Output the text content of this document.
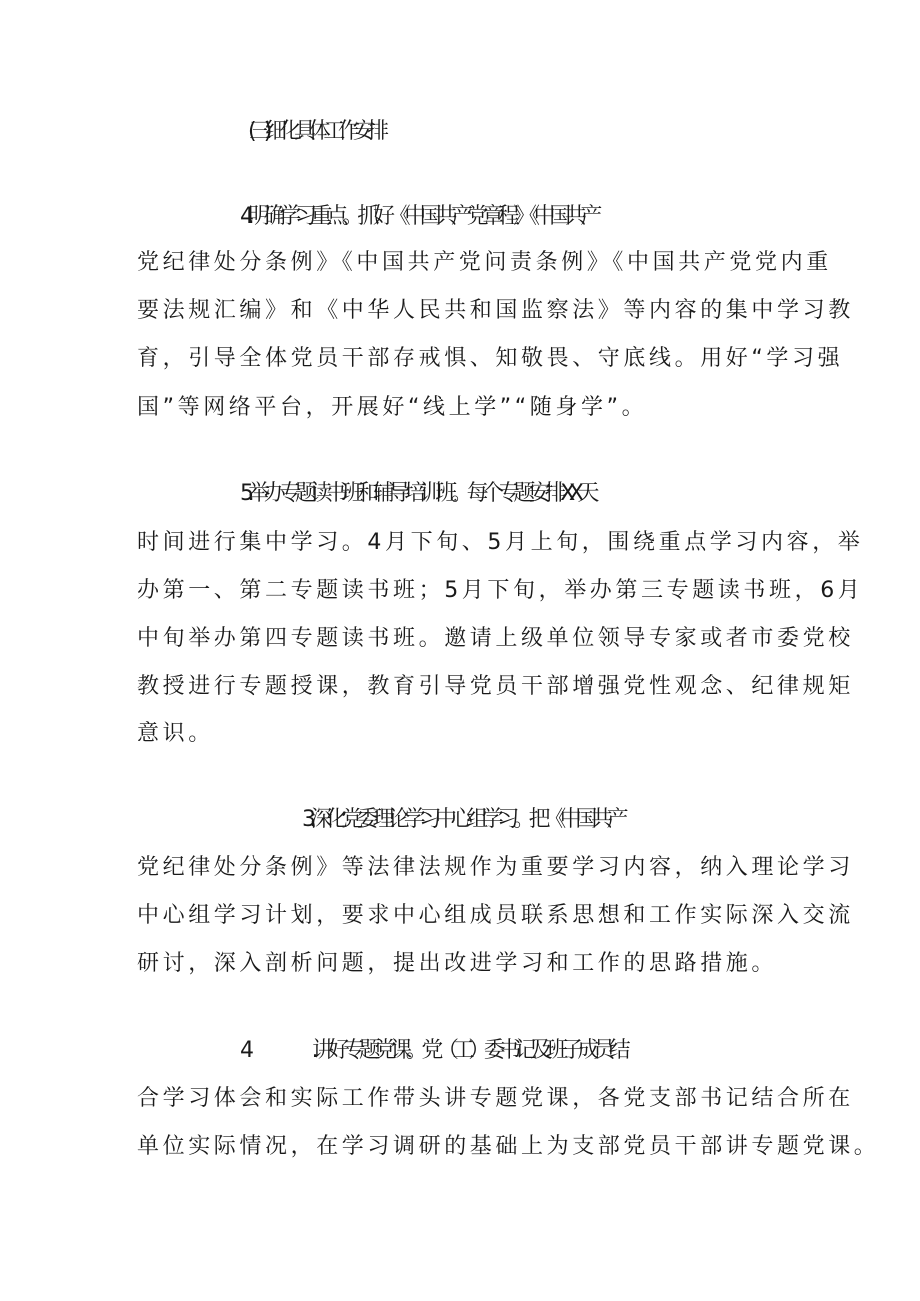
(三)细化具体工作安排
4.明确学习重点。抓好《中国共产党章程》《中国共产
党纪律处分条例》《中国共产党问责条例》《中国共产党党内重
要法规汇编》和《中华人民共和国监察法》等内容的集中学习教
育，引导全体党员干部存戒惧、知敬畏、守底线。用好“学习强
国”等网络平台，开展好“线上学”“随身学”。
5.举办专题读书班和辅导培训班。每个专题安排XX天
时间进行集中学习。4月下旬、5月上旬，围绕重点学习内容，举
办第一、第二专题读书班；5月下旬，举办第三专题读书班，6月
中旬举办第四专题读书班。邀请上级单位领导专家或者市委党校
教授进行专题授课，教育引导党员干部增强党性观念、纪律规矩
意识。
3.深化党委理论学习中心组学习。把《中国共产
党纪律处分条例》等法律法规作为重要学习内容，纳入理论学习
中心组学习计划，要求中心组成员联系思想和工作实际深入交流
研讨，深入剖析问题，提出改进学习和工作的思路措施。
4	.讲好专题党课。党（工）委书记及班子成员结
合学习体会和实际工作带头讲专题党课，各党支部书记结合所在
单位实际情况，在学习调研的基础上为支部党员干部讲专题党课。
